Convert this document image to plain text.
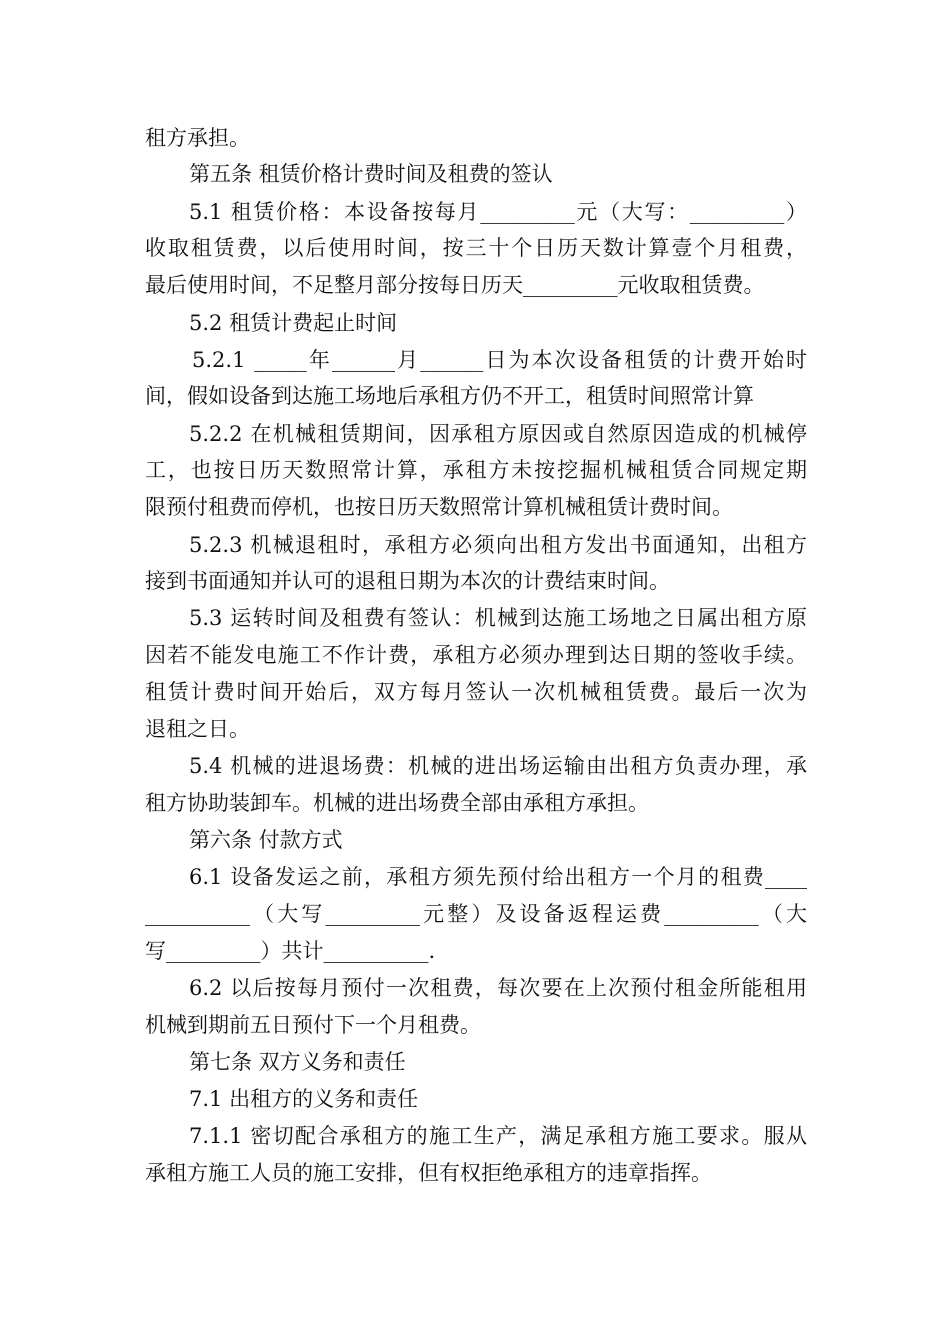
租方承担。
第五条 租赁价格计费时间及租费的签认
5.1 租赁价格：本设备按每月_________元（大写：_________）
收取租赁费，以后使用时间，按三十个日历天数计算壹个月租费，
最后使用时间，不足整月部分按每日历天_________元收取租赁费。
5.2 租赁计费起止时间
5.2.1 _____年______月______日为本次设备租赁的计费开始时
间，假如设备到达施工场地后承租方仍不开工，租赁时间照常计算
5.2.2 在机械租赁期间，因承租方原因或自然原因造成的机械停
工，也按日历天数照常计算，承租方未按挖掘机械租赁合同规定期
限预付租费而停机，也按日历天数照常计算机械租赁计费时间。
5.2.3 机械退租时，承租方必须向出租方发出书面通知，出租方
接到书面通知并认可的退租日期为本次的计费结束时间。
5.3 运转时间及租费有签认：机械到达施工场地之日属出租方原
因若不能发电施工不作计费，承租方必须办理到达日期的签收手续。
租赁计费时间开始后，双方每月签认一次机械租赁费。最后一次为
退租之日。
5.4 机械的进退场费：机械的进出场运输由出租方负责办理，承
租方协助装卸车。机械的进出场费全部由承租方承担。
第六条 付款方式
6.1 设备发运之前，承租方须先预付给出租方一个月的租费____
__________（大写_________元整）及设备返程运费_________（大
写_________）共计__________.
6.2 以后按每月预付一次租费，每次要在上次预付租金所能租用
机械到期前五日预付下一个月租费。
第七条 双方义务和责任
7.1 出租方的义务和责任
7.1.1 密切配合承租方的施工生产，满足承租方施工要求。服从
承租方施工人员的施工安排，但有权拒绝承租方的违章指挥。
